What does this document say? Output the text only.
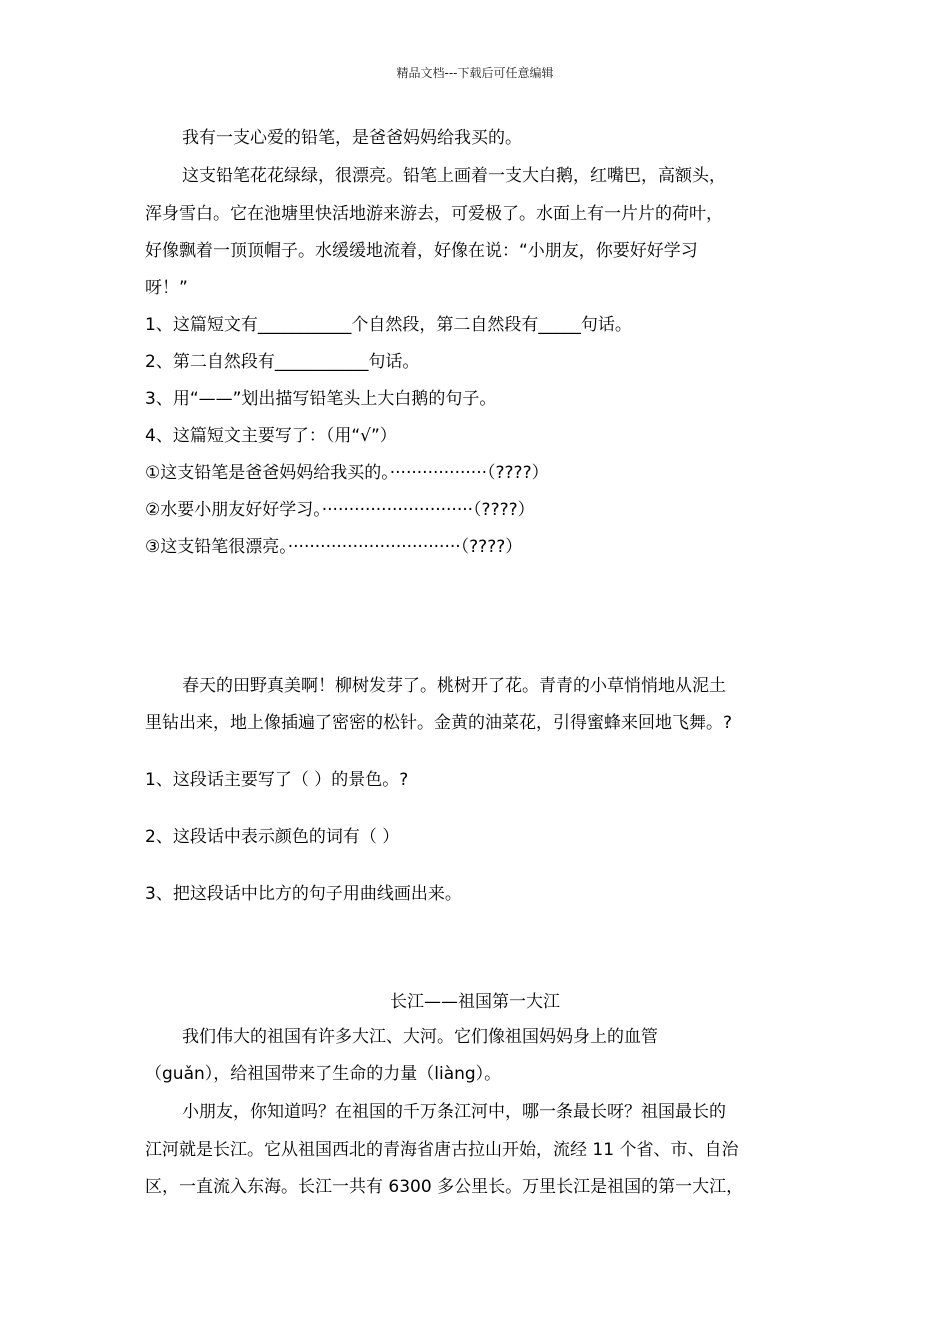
精品文档---下载后可任意编辑
我有一支心爱的铅笔，是爸爸妈妈给我买的。
这支铅笔花花绿绿，很漂亮。铅笔上画着一支大白鹅，红嘴巴，高额头，
浑身雪白。它在池塘里快活地游来游去，可爱极了。水面上有一片片的荷叶，
好像飘着一顶顶帽子。水缓缓地流着，好像在说：“小朋友，你要好好学习
呀！”
1、这篇短文有___________个自然段，第二自然段有_____句话。
2、第二自然段有___________句话。
3、用“——”划出描写铅笔头上大白鹅的句子。
4、这篇短文主要写了：（用“√”）
①这支铅笔是爸爸妈妈给我买的。··················（????）
②水要小朋友好好学习。····························（????）
③这支铅笔很漂亮。································（????）
春天的田野真美啊！柳树发芽了。桃树开了花。青青的小草悄悄地从泥土
里钻出来，地上像插遍了密密的松针。金黄的油菜花，引得蜜蜂来回地飞舞。?
1、这段话主要写了（ ）的景色。?
2、这段话中表示颜色的词有（ ）
3、把这段话中比方的句子用曲线画出来。
长江——祖国第一大江
我们伟大的祖国有许多大江、大河。它们像祖国妈妈身上的血管
（guǎn），给祖国带来了生命的力量（liàng）。
小朋友，你知道吗？在祖国的千万条江河中，哪一条最长呀？祖国最长的
江河就是长江。它从祖国西北的青海省唐古拉山开始，流经 11 个省、市、自治
区，一直流入东海。长江一共有 6300 多公里长。万里长江是祖国的第一大江，
